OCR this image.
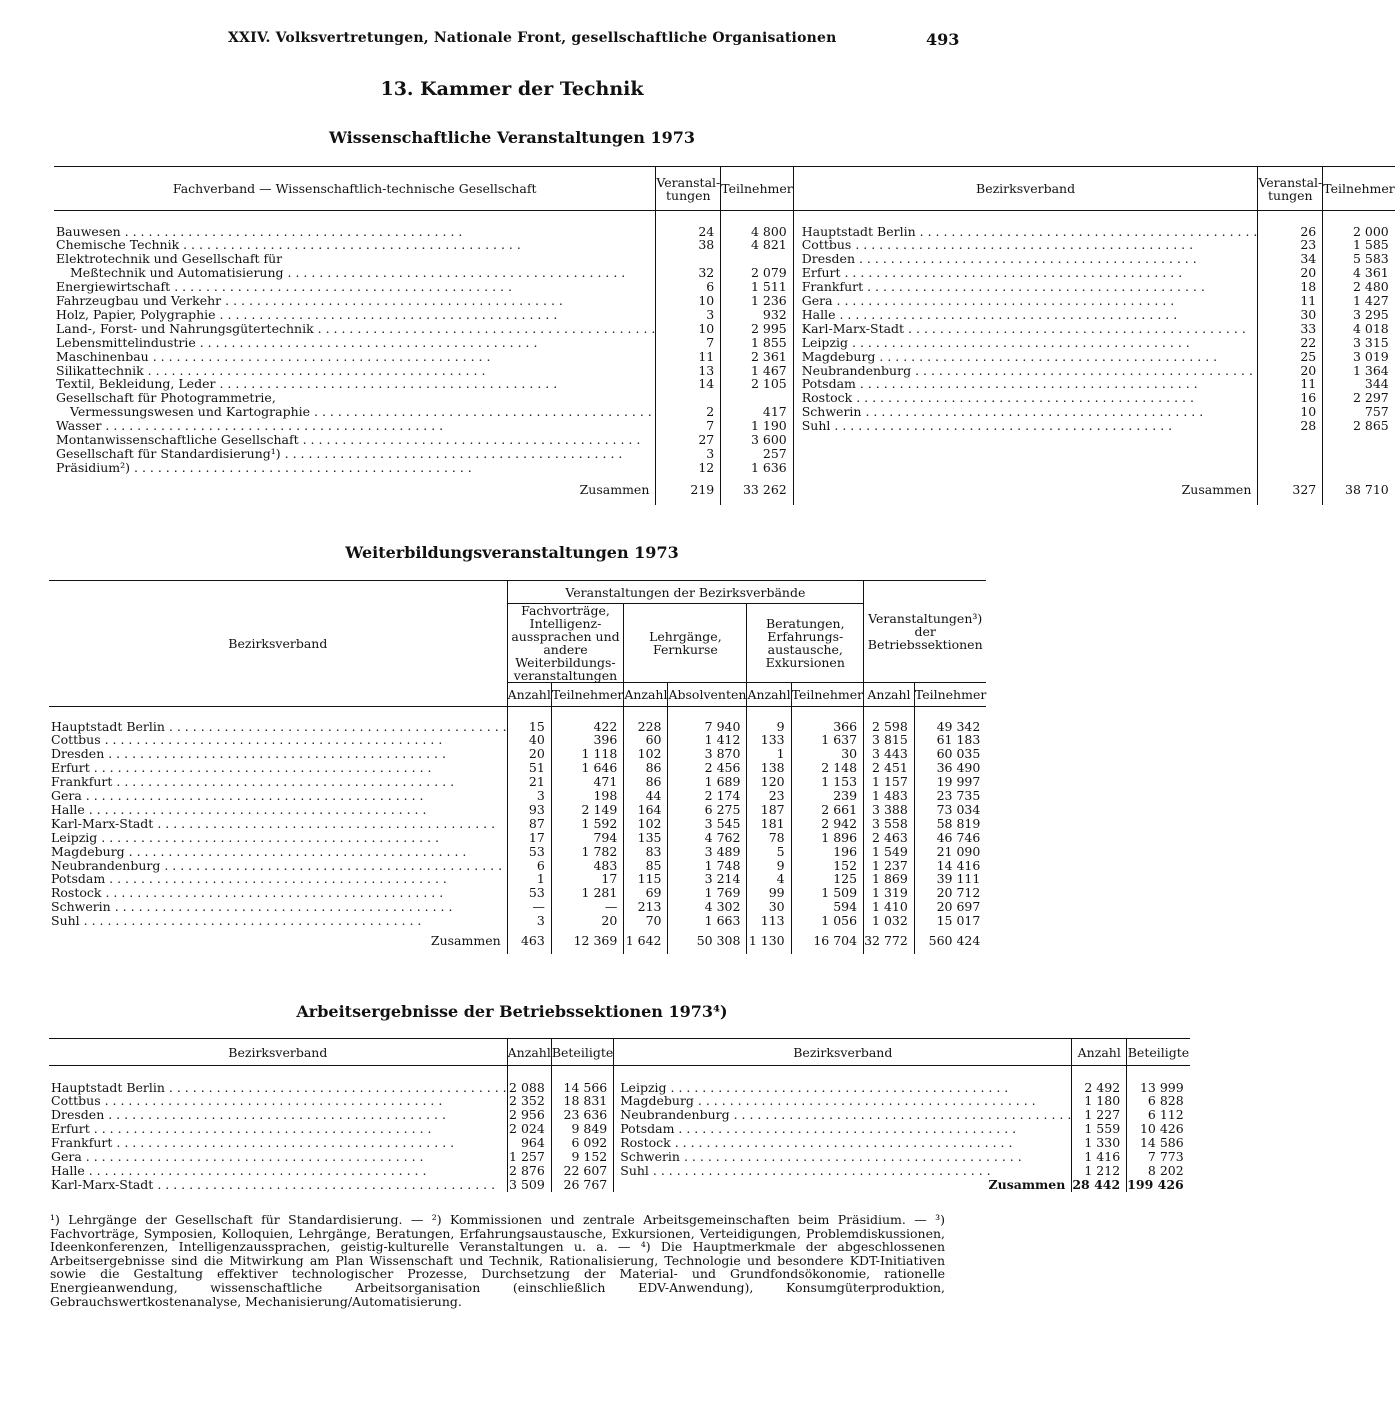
XXIV. Volksvertretungen, Nationale Front, gesellschaftliche Organisationen	493
13. Kammer der Technik
Wissenschaftliche Veranstaltungen 1973
Fachverband — Wissenschaftlich-technische Gesellschaft	Veranstal-tungen	Teilnehmer	Bezirksverband	Veranstal-tungen	Teilnehmer

Bauwesen . . .	24	4 800	Hauptstadt Berlin . . .	26	2 000

Chemische Technik . . .	38	4 821	Cottbus . . .	23	1 585

Elektrotechnik und Gesellschaft für			Dresden . . .	34	5 583

Meßtechnik und Automatisierung . . .	32	2 079	Erfurt . . .	20	4 361

Energiewirtschaft . . .	6	1 511	Frankfurt . . .	18	2 480

Fahrzeugbau und Verkehr . . .	10	1 236	Gera . . .	11	1 427

Holz, Papier, Polygraphie . . .	3	932	Halle . . .	30	3 295

Land-, Forst- und Nahrungsgütertechnik . . .	10	2 995	Karl-Marx-Stadt . . .	33	4 018

Lebensmittelindustrie . . .	7	1 855	Leipzig . . .	22	3 315

Maschinenbau . . .	11	2 361	Magdeburg . . .	25	3 019

Silikattechnik . . .	13	1 467	Neubrandenburg . . .	20	1 364

Textil, Bekleidung, Leder . . .	14	2 105	Potsdam . . .	11	344

Gesellschaft für Photogrammetrie,			Rostock . . .	16	2 297

Vermessungswesen und Kartographie . . .	2	417	Schwerin . . .	10	757

Wasser . . .	7	1 190	Suhl . . .	28	2 865

Montanwissenschaftliche Gesellschaft . . .	27	3 600			

Gesellschaft für Standardisierung¹) . . .	3	257			

Präsidium²) . . .	12	1 636			
Zusammen	219	33 262	Zusammen	327	38 710
Weiterbildungsveranstaltungen 1973
Bezirksverband	Veranstaltungen der Bezirksverbände						Veranstaltungen³) der Betriebssektionen	
	Fachvorträge, Intelligenz-aussprachen und andere Weiterbildungs-veranstaltungen		Lehrgänge, Fernkurse		Beratungen, Erfahrungs-austausche, Exkursionen			
	Anzahl	Teilnehmer	Anzahl	Absolventen	Anzahl	Teilnehmer	Anzahl	Teilnehmer

Hauptstadt Berlin . . .	15	422	228	7 940	9	366	2 598	49 342

Cottbus . . .	40	396	60	1 412	133	1 637	3 815	61 183

Dresden . . .	20	1 118	102	3 870	1	30	3 443	60 035

Erfurt . . .	51	1 646	86	2 456	138	2 148	2 451	36 490

Frankfurt . . .	21	471	86	1 689	120	1 153	1 157	19 997

Gera . . .	3	198	44	2 174	23	239	1 483	23 735

Halle . . .	93	2 149	164	6 275	187	2 661	3 388	73 034

Karl-Marx-Stadt . . .	87	1 592	102	3 545	181	2 942	3 558	58 819

Leipzig . . .	17	794	135	4 762	78	1 896	2 463	46 746

Magdeburg . . .	53	1 782	83	3 489	5	196	1 549	21 090

Neubrandenburg . . .	6	483	85	1 748	9	152	1 237	14 416

Potsdam . . .	1	17	115	3 214	4	125	1 869	39 111

Rostock . . .	53	1 281	69	1 769	99	1 509	1 319	20 712

Schwerin . . .	—	—	213	4 302	30	594	1 410	20 697

Suhl . . .	3	20	70	1 663	113	1 056	1 032	15 017
Zusammen	463	12 369	1 642	50 308	1 130	16 704	32 772	560 424
Arbeitsergebnisse der Betriebssektionen 1973⁴)
Bezirksverband	Anzahl	Beteiligte	Bezirksverband	Anzahl	Beteiligte

Hauptstadt Berlin . . .	2 088	14 566	Leipzig . . .	2 492	13 999

Cottbus . . .	2 352	18 831	Magdeburg . . .	1 180	6 828

Dresden . . .	2 956	23 636	Neubrandenburg . . .	1 227	6 112

Erfurt . . .	2 024	9 849	Potsdam . . .	1 559	10 426

Frankfurt . . .	964	6 092	Rostock . . .	1 330	14 586

Gera . . .	1 257	9 152	Schwerin . . .	1 416	7 773

Halle . . .	2 876	22 607	Suhl . . .	1 212	8 202

Karl-Marx-Stadt . . .	3 509	26 767	Zusammen	28 442	199 426
¹) Lehrgänge der Gesellschaft für Standardisierung. — ²) Kommissionen und zentrale Arbeitsgemeinschaften beim Präsidium. — ³) Fachvorträge, Symposien, Kolloquien, Lehrgänge, Beratungen, Erfahrungsaustausche, Exkursionen, Verteidigungen, Problemdiskussionen, Ideenkonferenzen, Intelligenzaussprachen, geistig-kulturelle Veranstaltungen u. a. — ⁴) Die Hauptmerkmale der abgeschlossenen Arbeitsergebnisse sind die Mitwirkung am Plan Wissenschaft und Technik, Rationalisierung, Technologie und besondere KDT-Initiativen sowie die Gestaltung effektiver technologischer Prozesse, Durchsetzung der Material- und Grundfondsökonomie, rationelle Energieanwendung, wissenschaftliche Arbeitsorganisation (einschließlich EDV-Anwendung), Konsumgüterproduktion, Gebrauchswertkostenanalyse, Mechanisierung/Automatisierung.
